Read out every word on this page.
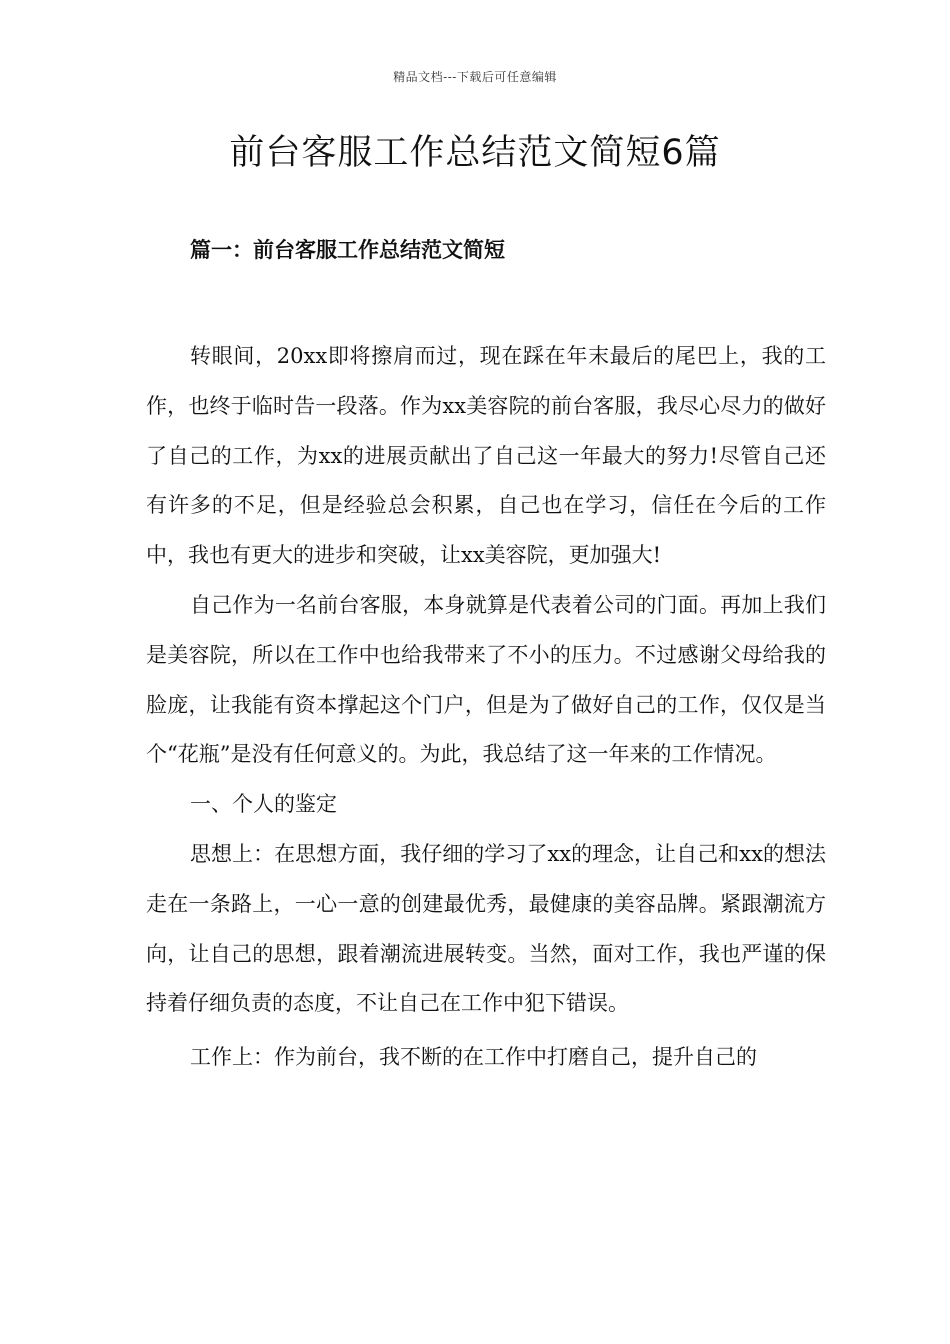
精品文档---下载后可任意编辑
前台客服工作总结范文简短6篇
篇一：前台客服工作总结范文简短

转眼间，20xx即将擦肩而过，现在踩在年末最后的尾巴上，我的工作，也终于临时告一段落。作为xx美容院的前台客服，我尽心尽力的做好了自己的工作，为xx的进展贡献出了自己这一年最大的努力!尽管自己还有许多的不足，但是经验总会积累，自己也在学习，信任在今后的工作中，我也有更大的进步和突破，让xx美容院，更加强大!

自己作为一名前台客服，本身就算是代表着公司的门面。再加上我们是美容院，所以在工作中也给我带来了不小的压力。不过感谢父母给我的脸庞，让我能有资本撑起这个门户，但是为了做好自己的工作，仅仅是当个“花瓶”是没有任何意义的。为此，我总结了这一年来的工作情况。

一、个人的鉴定

思想上：在思想方面，我仔细的学习了xx的理念，让自己和xx的想法走在一条路上，一心一意的创建最优秀，最健康的美容品牌。紧跟潮流方向，让自己的思想，跟着潮流进展转变。当然，面对工作，我也严谨的保持着仔细负责的态度，不让自己在工作中犯下错误。

工作上：作为前台，我不断的在工作中打磨自己，提升自己的
